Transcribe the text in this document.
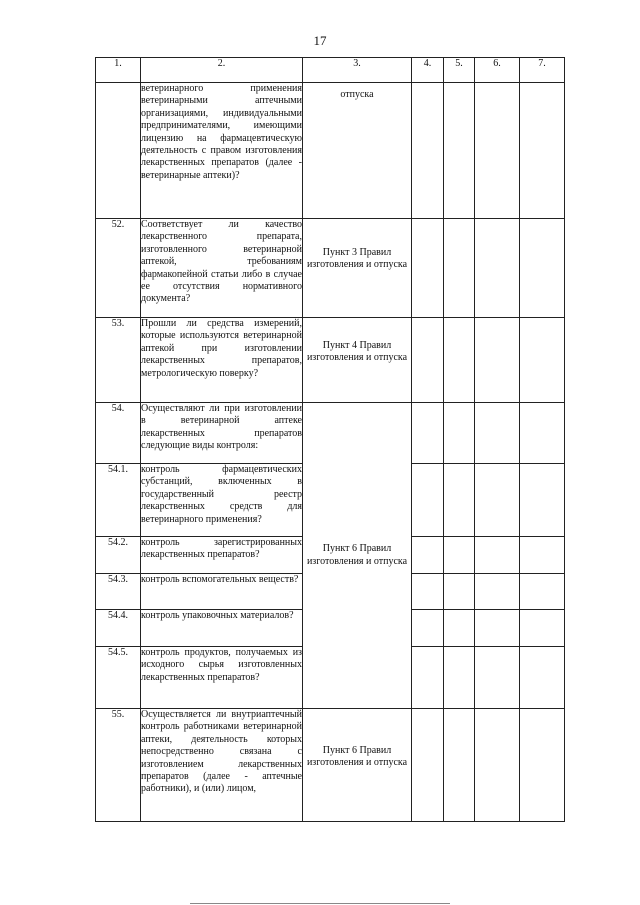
17
1.	2.	3.	4.	5.	6.	7.
	ветеринарного применения ветеринарными аптечными организациями, индивидуальными предпринимателями, имеющими лицензию на фармацевтическую деятельность с правом изготовления лекарственных препаратов (далее - ветеринарные аптеки)?	отпуска				
52.	Соответствует ли качество лекарственного препарата, изготовленного ветеринарной аптекой, требованиям фармакопейной статьи либо в случае ее отсутствия нормативного документа?	Пункт 3 Правил изготовления и отпуска				
53.	Прошли ли средства измерений, которые используются ветеринарной аптекой при изготовлении лекарственных препаратов, метрологическую поверку?	Пункт 4 Правил изготовления и отпуска				
54.	Осуществляют ли при изготовлении в ветеринарной аптеке лекарственных препаратов следующие виды контроля:	Пункт 6 Правил изготовления и отпуска				
54.1.	контроль фармацевтических субстанций, включенных в государственный реестр лекарственных средств для ветеринарного применения?					
54.2.	контроль зарегистрированных лекарственных препаратов?					
54.3.	контроль вспомогательных веществ?					
54.4.	контроль упаковочных материалов?					
54.5.	контроль продуктов, получаемых из исходного сырья изготовленных лекарственных препаратов?					
55.	Осуществляется ли внутриаптечный контроль работниками ветеринарной аптеки, деятельность которых непосредственно связана с изготовлением лекарственных препаратов (далее - аптечные работники), и (или) лицом,	Пункт 6 Правил изготовления и отпуска				
